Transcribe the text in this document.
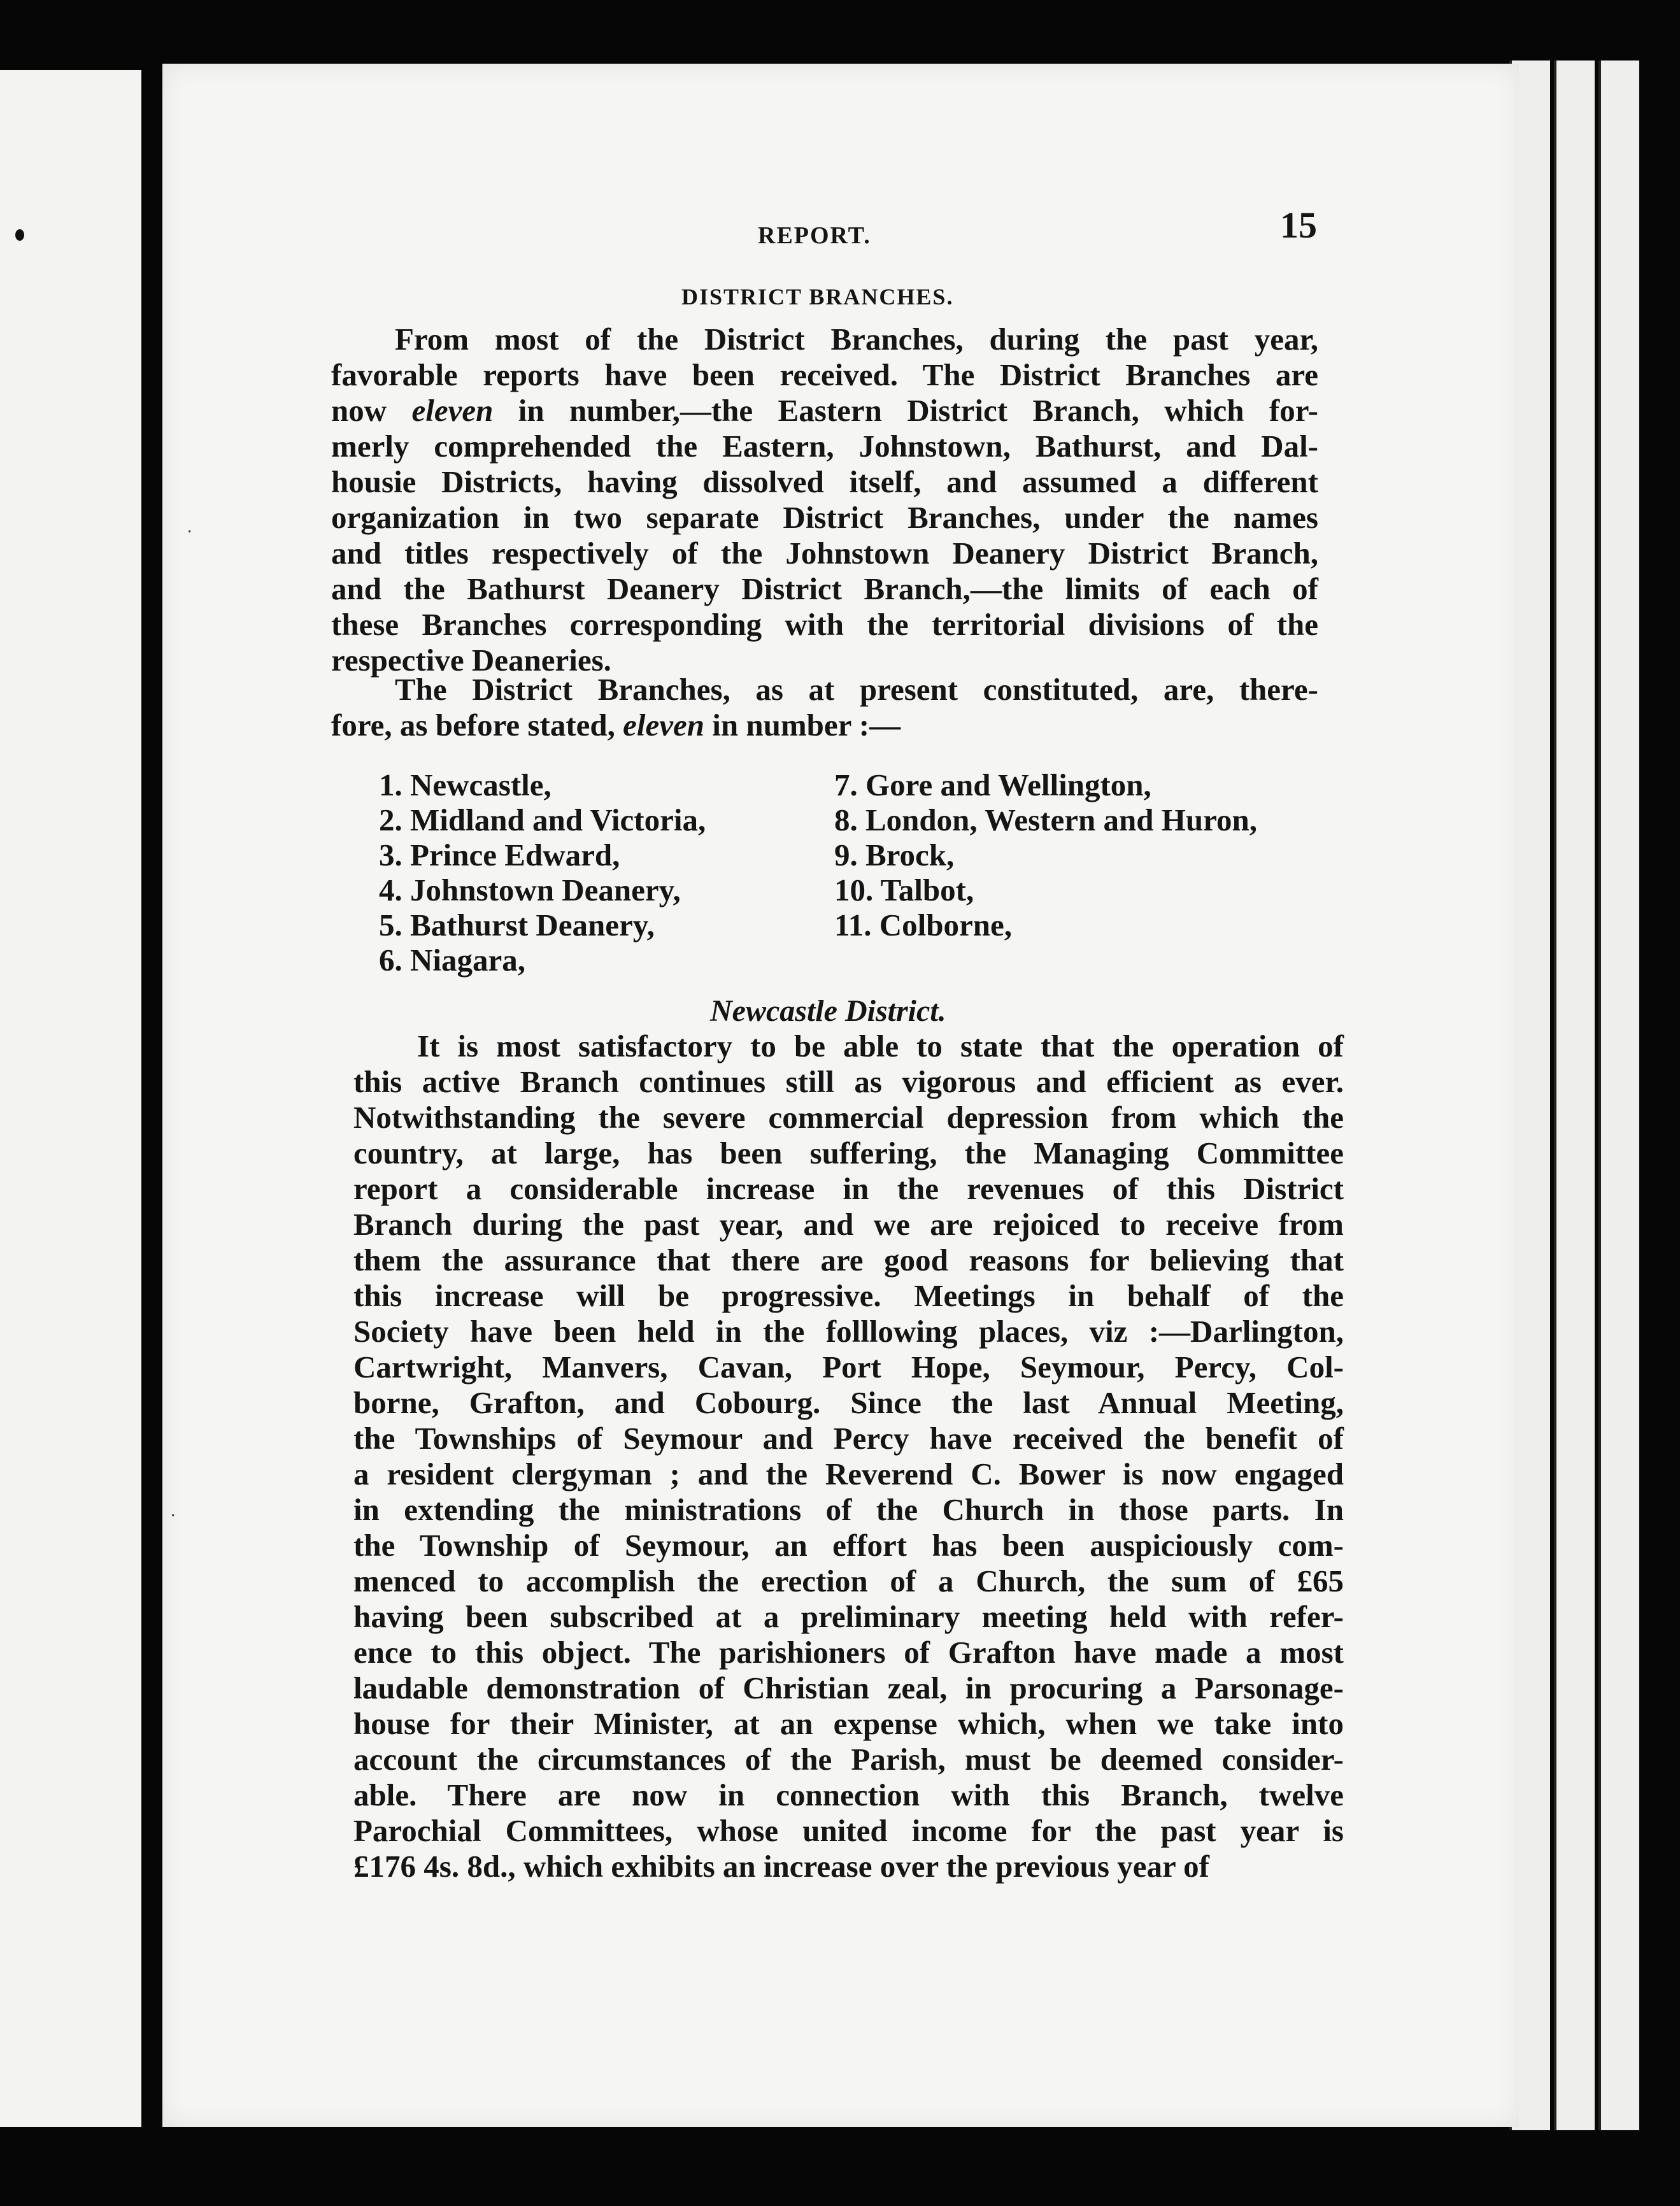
REPORT.	15
DISTRICT BRANCHES.
From most of the District Branches, during the past year,
favorable reports have been received. The District Branches are
now eleven in number,—the Eastern District Branch, which for-
merly comprehended the Eastern, Johnstown, Bathurst, and Dal-
housie Districts, having dissolved itself, and assumed a different
organization in two separate District Branches, under the names
and titles respectively of the Johnstown Deanery District Branch,
and the Bathurst Deanery District Branch,—the limits of each of
these Branches corresponding with the territorial divisions of the
respective Deaneries.
The District Branches, as at present constituted, are, there-
fore, as before stated, eleven in number :—
1. Newcastle,
2. Midland and Victoria,
3. Prince Edward,
4. Johnstown Deanery,
5. Bathurst Deanery,
6. Niagara,
7. Gore and Wellington,
8. London, Western and Huron,
9. Brock,
10. Talbot,
11. Colborne,
Newcastle District.
It is most satisfactory to be able to state that the operation of
this active Branch continues still as vigorous and efficient as ever.
Notwithstanding the severe commercial depression from which the
country, at large, has been suffering, the Managing Committee
report a considerable increase in the revenues of this District
Branch during the past year, and we are rejoiced to receive from
them the assurance that there are good reasons for believing that
this increase will be progressive. Meetings in behalf of the
Society have been held in the folllowing places, viz :—Darlington,
Cartwright, Manvers, Cavan, Port Hope, Seymour, Percy, Col-
borne, Grafton, and Cobourg. Since the last Annual Meeting,
the Townships of Seymour and Percy have received the benefit of
a resident clergyman ; and the Reverend C. Bower is now engaged
in extending the ministrations of the Church in those parts. In
the Township of Seymour, an effort has been auspiciously com-
menced to accomplish the erection of a Church, the sum of £65
having been subscribed at a preliminary meeting held with refer-
ence to this object. The parishioners of Grafton have made a most
laudable demonstration of Christian zeal, in procuring a Parsonage-
house for their Minister, at an expense which, when we take into
account the circumstances of the Parish, must be deemed consider-
able. There are now in connection with this Branch, twelve
Parochial Committees, whose united income for the past year is
£176 4s. 8d., which exhibits an increase over the previous year of
·
·
